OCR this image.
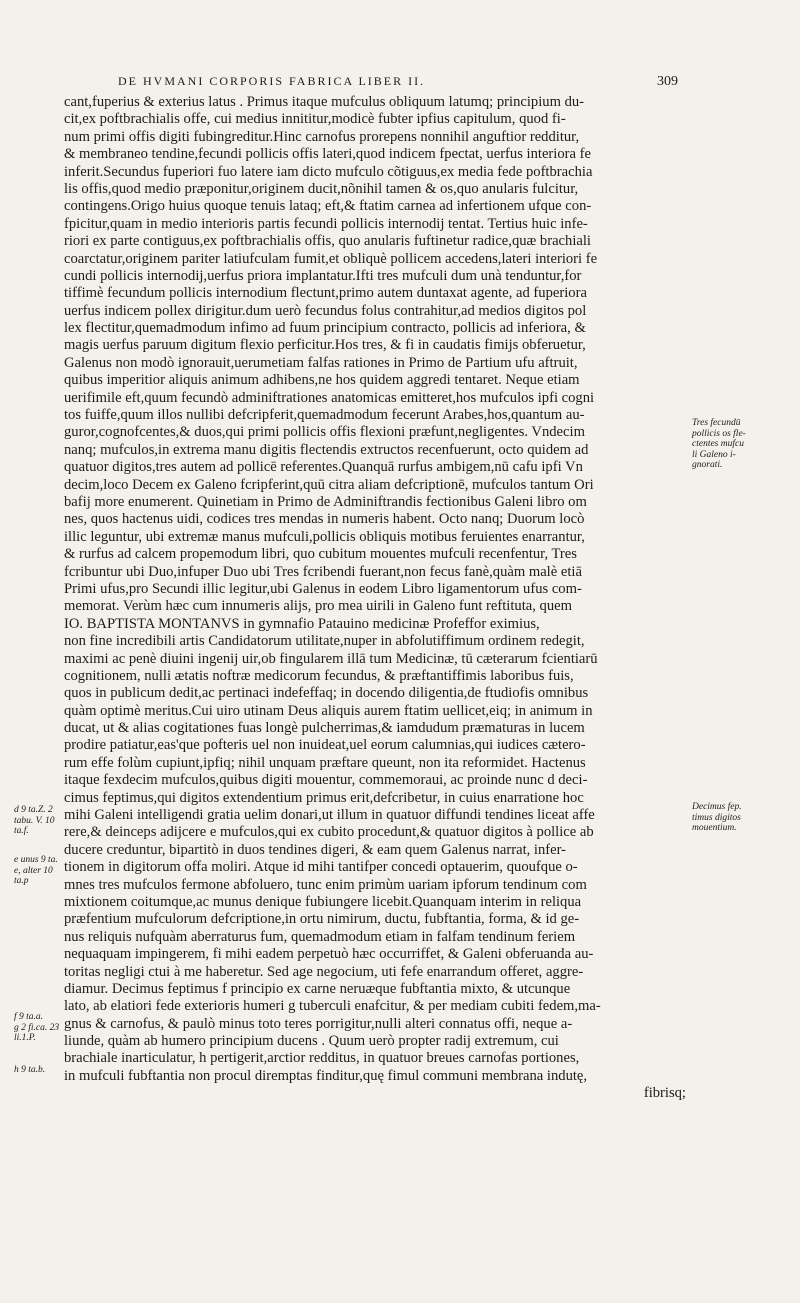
DE HVMANI CORPORIS FABRICA LIBER II.	309
cant,fuperius & exterius latus . Primus itaque mufculus obliquum latumq; principium du-
cit,ex poftbrachialis offe, cui medius innititur,modicè fubter ipfius capitulum, quod fi-
num primi offis digiti fubingreditur.Hinc carnofus prorepens nonnihil anguftior redditur,
& membraneo tendine,fecundi pollicis offis lateri,quod indicem fpectat, uerfus interiora fe
inferit.Secundus fuperiori fuo latere iam dicto mufculo cõtiguus,ex media fede poftbrachia
lis offis,quod medio præponitur,originem ducit,nõnihil tamen & os,quo anularis fulcitur,
contingens.Origo huius quoque tenuis lataq; eft,& ftatim carnea ad infertionem ufque con-
fpicitur,quam in medio interioris partis fecundi pollicis internodij tentat. Tertius huic infe-
riori ex parte contiguus,ex poftbrachialis offis, quo anularis fuftinetur radice,quæ brachiali
coarctatur,originem pariter latiufculam fumit,et obliquè pollicem accedens,lateri interiori fe
cundi pollicis internodij,uerfus priora implantatur.Ifti tres mufculi dum unà tenduntur,for
tiffimè fecundum pollicis internodium flectunt,primo autem duntaxat agente, ad fuperiora
uerfus indicem pollex dirigitur.dum uerò fecundus folus contrahitur,ad medios digitos pol
lex flectitur,quemadmodum infimo ad fuum principium contracto, pollicis ad inferiora, &
magis uerfus paruum digitum flexio perficitur.Hos tres, & fi in caudatis fimijs obferuetur,
Galenus non modò ignorauit,uerumetiam falfas rationes in Primo de Partium ufu aftruit,
quibus imperitior aliquis animum adhibens,ne hos quidem aggredi tentaret. Neque etiam
uerifimile eft,quum fecundò adminiftrationes anatomicas emitteret,hos mufculos ipfi cogni
tos fuiffe,quum illos nullibi defcripferit,quemadmodum fecerunt Arabes,hos,quantum au-
guror,cognofcentes,& duos,qui primi pollicis offis flexioni præfunt,negligentes. Vndecim
nanq; mufculos,in extrema manu digitis flectendis extructos recenfuerunt, octo quidem ad
quatuor digitos,tres autem ad pollicē referentes.Quanquā rurfus ambigem,nū cafu ipfi Vn
decim,loco Decem ex Galeno fcripferint,quū citra aliam defcriptionē, mufculos tantum Ori
bafij more enumerent. Quinetiam in Primo de Adminiftrandis fectionibus Galeni libro om
nes, quos hactenus uidi, codices tres mendas in numeris habent. Octo nanq; Duorum locò
illic leguntur, ubi extremæ manus mufculi,pollicis obliquis motibus feruientes enarrantur,
& rurfus ad calcem propemodum libri, quo cubitum mouentes mufculi recenfentur, Tres
fcribuntur ubi Duo,infuper Duo ubi Tres fcribendi fuerant,non fecus fanè,quàm malè etiā
Primi ufus,pro Secundi illic legitur,ubi Galenus in eodem Libro ligamentorum ufus com-
memorat. Verùm hæc cum innumeris alijs, pro mea uirili in Galeno funt reftituta, quem
IO. BAPTISTA MONTANVS in gymnafio Patauino medicinæ Profeffor eximius,
non fine incredibili artis Candidatorum utilitate,nuper in abfolutiffimum ordinem redegit,
maximi ac penè diuini ingenij uir,ob fingularem illā tum Medicinæ, tū cæterarum fcientiarū
cognitionem, nulli ætatis noftræ medicorum fecundus, & præftantiffimis laboribus fuis,
quos in publicum dedit,ac pertinaci indefeffaq; in docendo diligentia,de ftudiofis omnibus
quàm optimè meritus.Cui uiro utinam Deus aliquis aurem ftatim uellicet,eiq; in animum in
ducat, ut & alias cogitationes fuas longè pulcherrimas,& iamdudum præmaturas in lucem
prodire patiatur,eas'que pofteris uel non inuideat,uel eorum calumnias,qui iudices cætero-
rum effe folùm cupiunt,ipfiq; nihil unquam præftare queunt, non ita reformidet. Hactenus
itaque fexdecim mufculos,quibus digiti mouentur, commemoraui, ac proinde nunc d deci-
cimus feptimus,qui digitos extendentium primus erit,defcribetur, in cuius enarratione hoc
mihi Galeni intelligendi gratia uelim donari,ut illum in quatuor diffundi tendines liceat affe
rere,& deinceps adijcere e mufculos,qui ex cubito procedunt,& quatuor digitos à pollice ab
ducere creduntur, bipartitò in duos tendines digeri, & eam quem Galenus narrat, infer-
tionem in digitorum offa moliri. Atque id mihi tantifper concedi optauerim, quoufque o-
mnes tres mufculos fermone abfoluero, tunc enim primùm uariam ipforum tendinum com
mixtionem coitumque,ac munus denique fubiungere licebit.Quanquam interim in reliqua
præfentium mufculorum defcriptione,in ortu nimirum, ductu, fubftantia, forma, & id ge-
nus reliquis nufquàm aberraturus fum, quemadmodum etiam in falfam tendinum feriem
nequaquam impingerem, fi mihi eadem perpetuò hæc occurriffet, & Galeni obferuanda au-
toritas negligi ctui à me haberetur. Sed age negocium, uti fefe enarrandum offeret, aggre-
diamur. Decimus feptimus f principio ex carne neruæque fubftantia mixto, & utcunque
lato, ab elatiori fede exterioris humeri g tuberculi enafcitur, & per mediam cubiti fedem,ma-
gnus & carnofus, & paulò minus toto teres porrigitur,nulli alteri connatus offi, neque a-
liunde, quàm ab humero principium ducens . Quum uerò propter radij extremum, cui
brachiale inarticulatur, h pertigerit,arctior redditus, in quatuor breues carnofas portiones,
in mufculi fubftantia non procul diremptas finditur,quę fimul communi membrana indutę,
fibrisq;
Tres fecundū
pollicis os fle-
ctentes mufcu
li Galeno i-
gnorati.
Decimus fep.
timus digitos
mouentium.
d 9 ta.Z. 2
tabu. V. 10
ta.f.
e unus 9 ta.
e, alter 10
ta.p
f 9 ta.a.
g 2 fi.ca. 23
li.1.P.
h 9 ta.b.
